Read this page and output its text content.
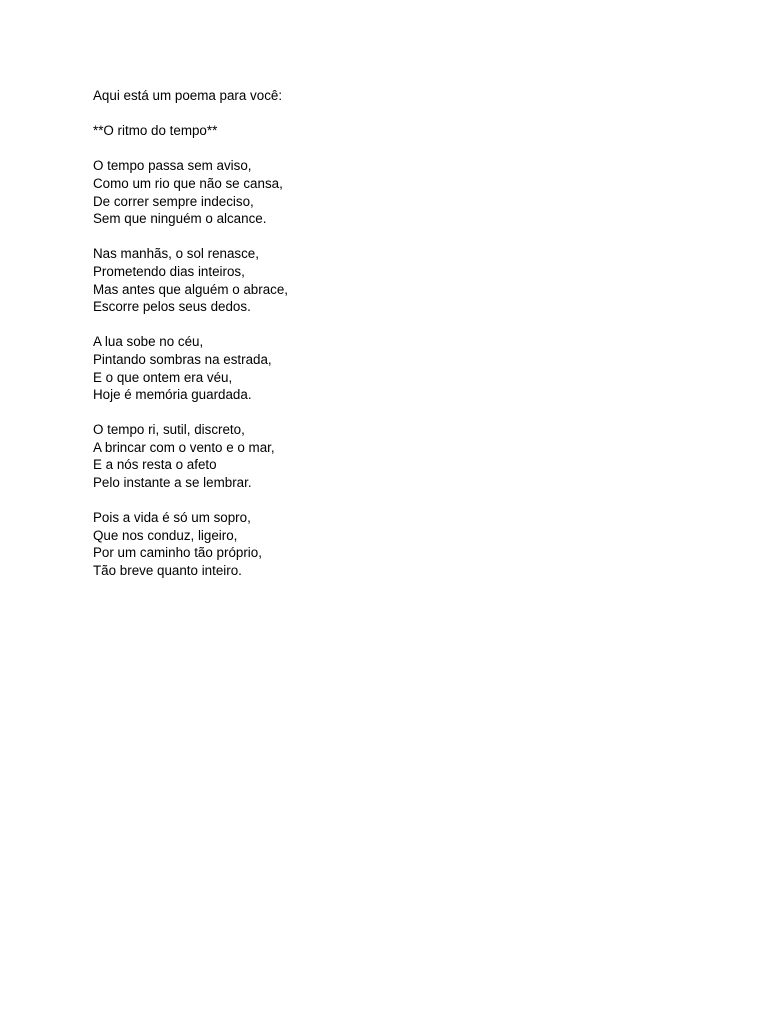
Aqui está um poema para você:

**O ritmo do tempo**

O tempo passa sem aviso,
Como um rio que não se cansa,
De correr sempre indeciso,
Sem que ninguém o alcance.

Nas manhãs, o sol renasce,
Prometendo dias inteiros,
Mas antes que alguém o abrace,
Escorre pelos seus dedos.

A lua sobe no céu,
Pintando sombras na estrada,
E o que ontem era véu,
Hoje é memória guardada.

O tempo ri, sutil, discreto,
A brincar com o vento e o mar,
E a nós resta o afeto
Pelo instante a se lembrar.

Pois a vida é só um sopro,
Que nos conduz, ligeiro,
Por um caminho tão próprio,
Tão breve quanto inteiro.
